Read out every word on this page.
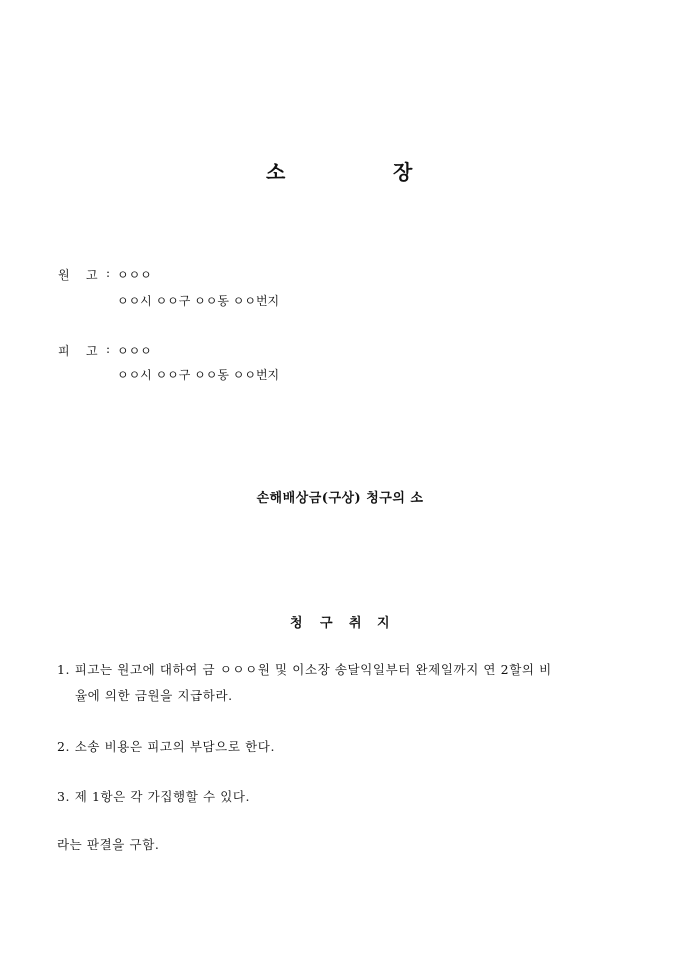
소	장
원 고 : ㅇㅇㅇ
ㅇㅇ시 ㅇㅇ구 ㅇㅇ동 ㅇㅇ번지
피 고 : ㅇㅇㅇ
ㅇㅇ시 ㅇㅇ구 ㅇㅇ동 ㅇㅇ번지
손해배상금(구상) 청구의 소
청 구 취 지
1. 피고는 원고에 대하여 금 ㅇㅇㅇ원 및 이소장 송달익일부터 완제일까지 연 2할의 비
율에 의한 금원을 지급하라.
2. 소송 비용은 피고의 부담으로 한다.
3. 제 1항은 각 가집행할 수 있다.
라는 판결을 구함.
